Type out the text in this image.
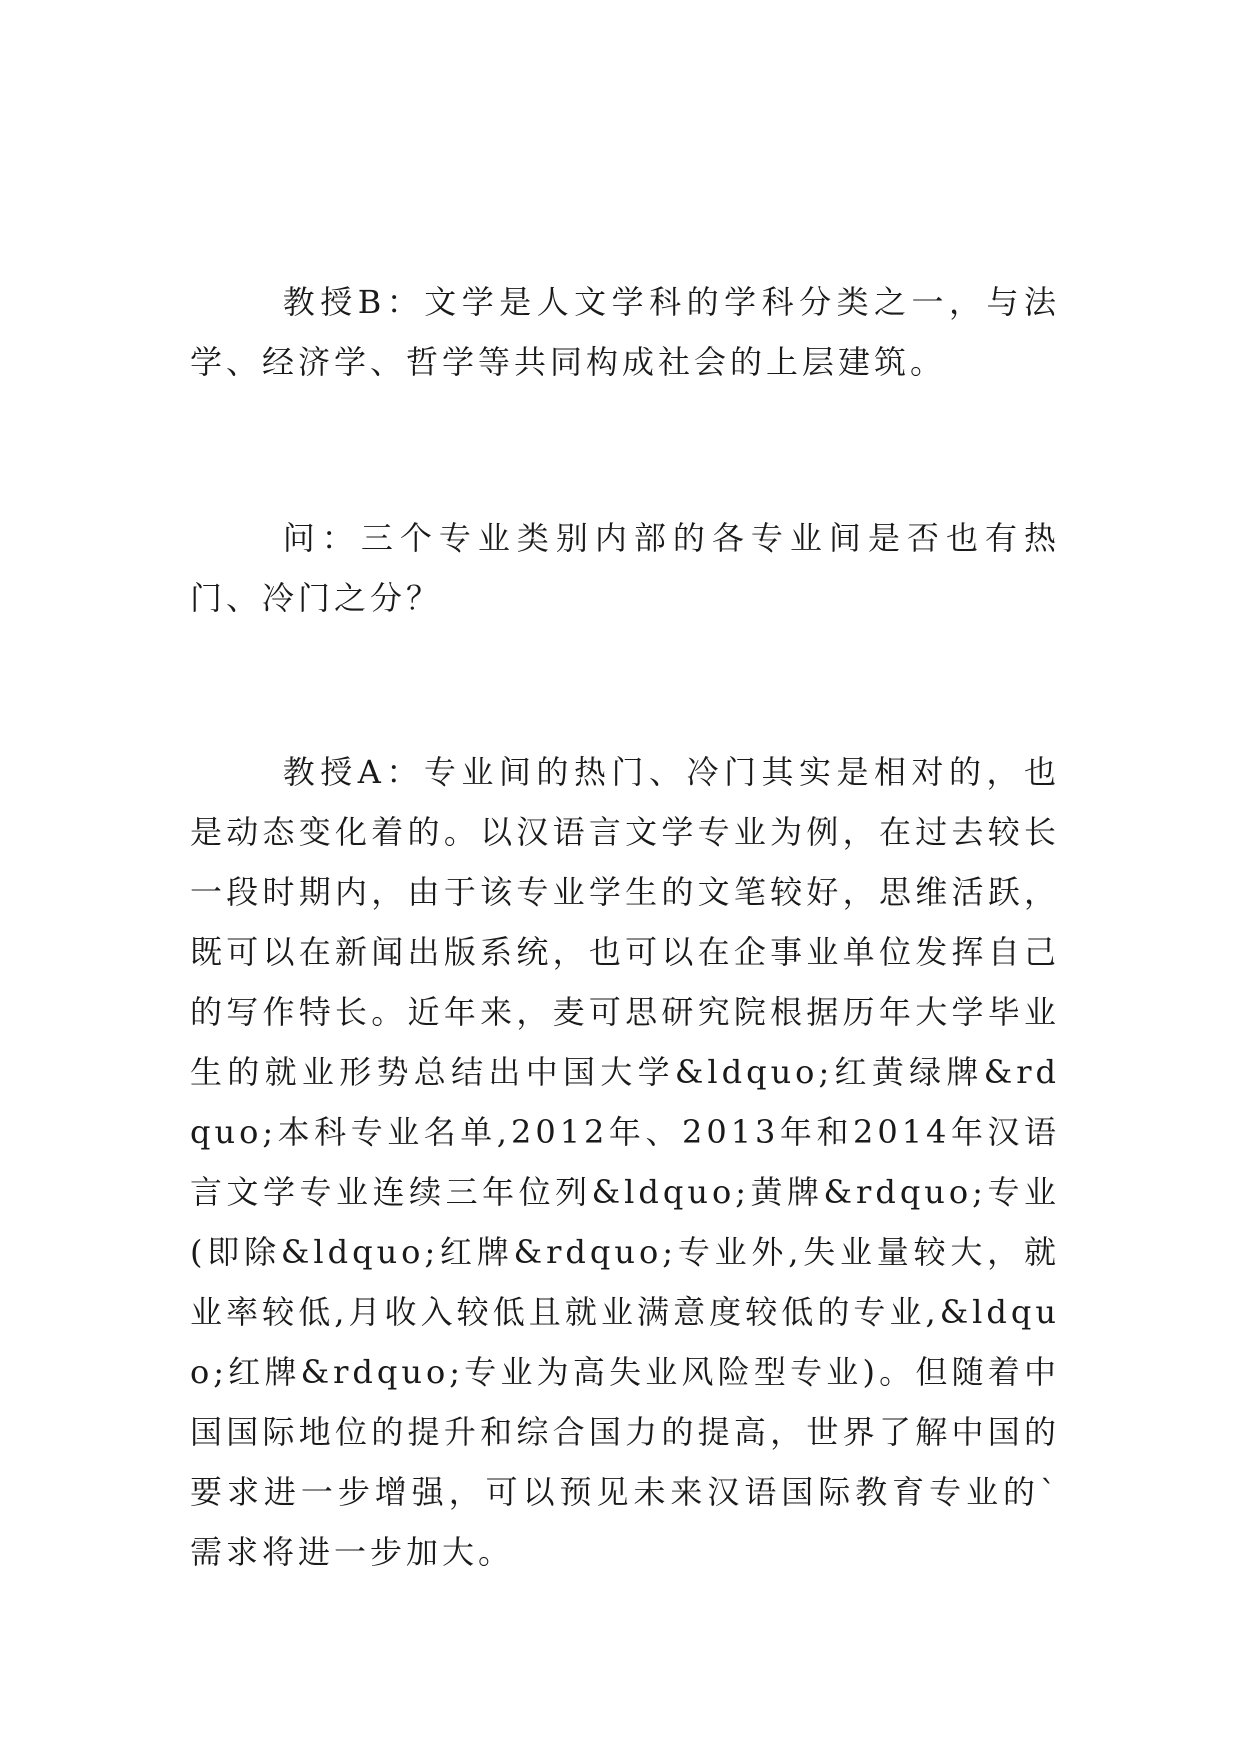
教授B：文学是人文学科的学科分类之一，与法学、经济学、哲学等共同构成社会的上层建筑。

问：三个专业类别内部的各专业间是否也有热门、冷门之分？

教授A：专业间的热门、冷门其实是相对的，也是动态变化着的。以汉语言文学专业为例，在过去较长一段时期内，由于该专业学生的文笔较好，思维活跃，既可以在新闻出版系统，也可以在企事业单位发挥自己的写作特长。近年来，麦可思研究院根据历年大学毕业生的就业形势总结出中国大学&ldquo;红黄绿牌&rdquo;本科专业名单,2012年、2013年和2014年汉语言文学专业连续三年位列&ldquo;黄牌&rdquo;专业(即除&ldquo;红牌&rdquo;专业外,失业量较大，就业率较低,月收入较低且就业满意度较低的专业,&ldquo;红牌&rdquo;专业为高失业风险型专业)。但随着中国国际地位的提升和综合国力的提高，世界了解中国的要求进一步增强，可以预见未来汉语国际教育专业的`需求将进一步加大。
